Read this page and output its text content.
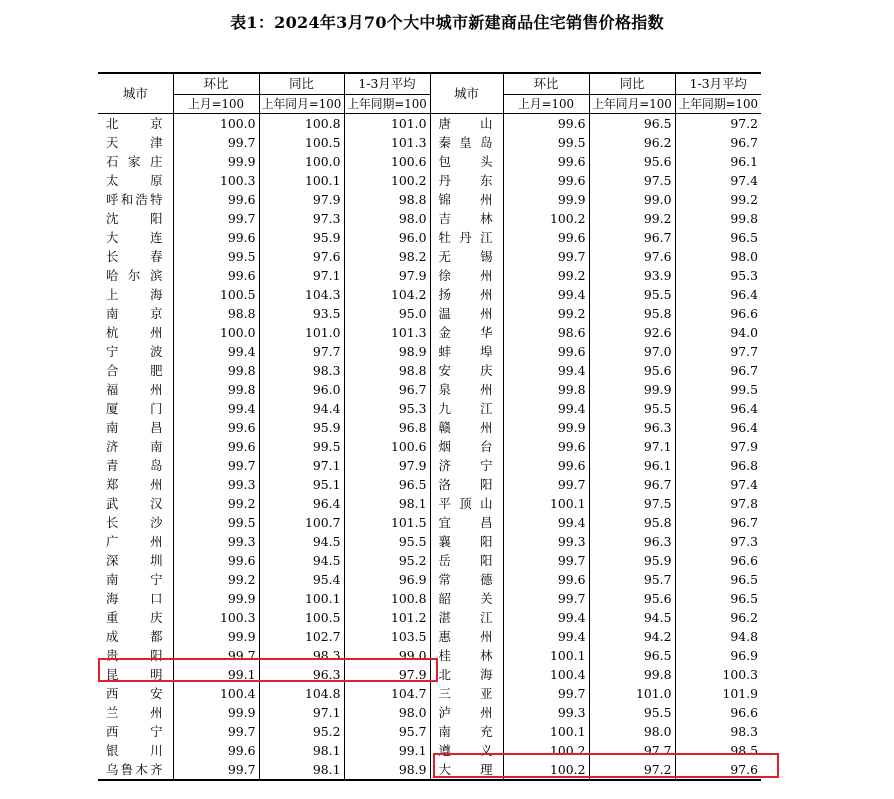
表1：2024年3月70个大中城市新建商品住宅销售价格指数
城市	环比	同比	1-3月平均	城市	环比	同比	1-3月平均
	上月=100	上年同月=100	上年同期=100		上月=100	上年同月=100	上年同期=100
北京	100.0	100.8	101.0	唐山	99.6	96.5	97.2
天津	99.7	100.5	101.3	秦皇岛	99.5	96.2	96.7
石家庄	99.9	100.0	100.6	包头	99.6	95.6	96.1
太原	100.3	100.1	100.2	丹东	99.6	97.5	97.4
呼和浩特	99.6	97.9	98.8	锦州	99.9	99.0	99.2
沈阳	99.7	97.3	98.0	吉林	100.2	99.2	99.8
大连	99.6	95.9	96.0	牡丹江	99.6	96.7	96.5
长春	99.5	97.6	98.2	无锡	99.7	97.6	98.0
哈尔滨	99.6	97.1	97.9	徐州	99.2	93.9	95.3
上海	100.5	104.3	104.2	扬州	99.4	95.5	96.4
南京	98.8	93.5	95.0	温州	99.2	95.8	96.6
杭州	100.0	101.0	101.3	金华	98.6	92.6	94.0
宁波	99.4	97.7	98.9	蚌埠	99.6	97.0	97.7
合肥	99.8	98.3	98.8	安庆	99.4	95.6	96.7
福州	99.8	96.0	96.7	泉州	99.8	99.9	99.5
厦门	99.4	94.4	95.3	九江	99.4	95.5	96.4
南昌	99.6	95.9	96.8	赣州	99.9	96.3	96.4
济南	99.6	99.5	100.6	烟台	99.6	97.1	97.9
青岛	99.7	97.1	97.9	济宁	99.6	96.1	96.8
郑州	99.3	95.1	96.5	洛阳	99.7	96.7	97.4
武汉	99.2	96.4	98.1	平顶山	100.1	97.5	97.8
长沙	99.5	100.7	101.5	宜昌	99.4	95.8	96.7
广州	99.3	94.5	95.5	襄阳	99.3	96.3	97.3
深圳	99.6	94.5	95.2	岳阳	99.7	95.9	96.6
南宁	99.2	95.4	96.9	常德	99.6	95.7	96.5
海口	99.9	100.1	100.8	韶关	99.7	95.6	96.5
重庆	100.3	100.5	101.2	湛江	99.4	94.5	96.2
成都	99.9	102.7	103.5	惠州	99.4	94.2	94.8
贵阳	99.7	98.3	99.0	桂林	100.1	96.5	96.9
昆明	99.1	96.3	97.9	北海	100.4	99.8	100.3
西安	100.4	104.8	104.7	三亚	99.7	101.0	101.9
兰州	99.9	97.1	98.0	泸州	99.3	95.5	96.6
西宁	99.7	95.2	95.7	南充	100.1	98.0	98.3
银川	99.6	98.1	99.1	遵义	100.2	97.7	98.5
乌鲁木齐	99.7	98.1	98.9	大理	100.2	97.2	97.6
